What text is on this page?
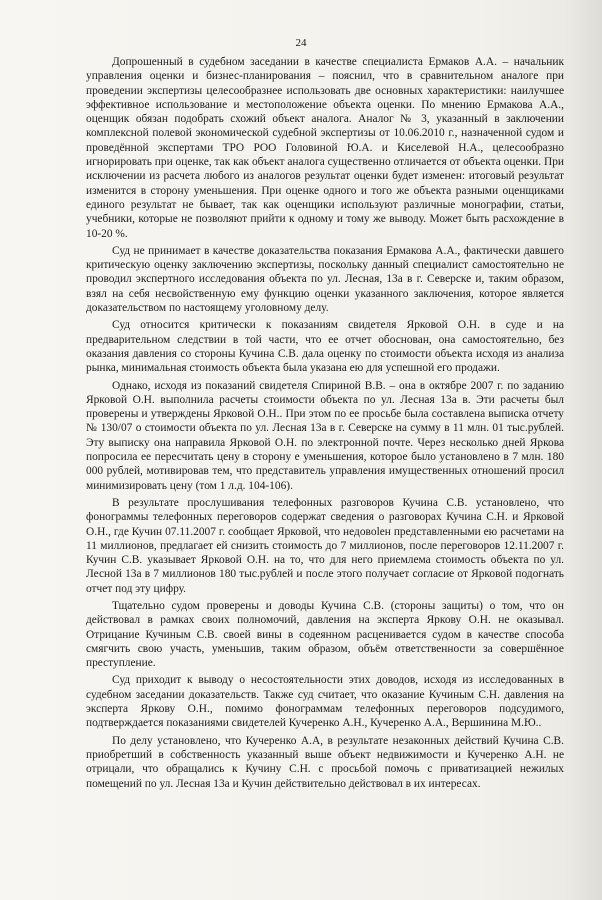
24

Допрошенный в судебном заседании в качестве специалиста Ермаков А.А. – начальник управления оценки и бизнес-планирования – пояснил, что в сравнительном аналоге при проведении экспертизы целесообразнее использовать две основных характеристики: наилучшее эффективное использование и местоположение объекта оценки. По мнению Ермакова А.А., оценщик обязан подобрать схожий объект аналога. Аналог № 3, указанный в заключении комплексной полевой экономической судебной экспертизы от 10.06.2010 г., назначенной судом и проведённой экспертами ТРО РОО Головиной Ю.А. и Киселевой Н.А., целесообразно игнорировать при оценке, так как объект аналога существенно отличается от объекта оценки. При исключении из расчета любого из аналогов результат оценки будет изменен: итоговый результат изменится в сторону уменьшения. При оценке одного и того же объекта разными оценщиками единого результат не бывает, так как оценщики используют различные монографии, статьи, учебники, которые не позволяют прийти к одному и тому же выводу. Может быть расхождение в 10-20 %.

Суд не принимает в качестве доказательства показания Ермакова А.А., фактически давшего критическую оценку заключению экспертизы, поскольку данный специалист самостоятельно не проводил экспертного исследования объекта по ул. Лесная, 13а в г. Северске и, таким образом, взял на себя несвойственную ему функцию оценки указанного заключения, которое является доказательством по настоящему уголовному делу.

Суд относится критически к показаниям свидетеля Ярковой О.Н. в суде и на предварительном следствии в той части, что ее отчет обоснован, она самостоятельно, без оказания давления со стороны Кучина С.В. дала оценку по стоимости объекта исходя из анализа рынка, минимальная стоимость объекта была указана ею для успешной его продажи.

Однако, исходя из показаний свидетеля Спириной В.В. – она в октябре 2007 г. по заданию Ярковой О.Н. выполнила расчеты стоимости объекта по ул. Лесная 13а в. Эти расчеты был проверены и утверждены Ярковой О.Н.. При этом по ее просьбе была составлена выписка отчету № 130/07 о стоимости объекта по ул. Лесная 13а в г. Северске на сумму в 11 млн. 01 тыс.рублей. Эту выписку она направила Ярковой О.Н. по электронной почте. Через несколько дней Яркова попросила ее пересчитать цену в сторону е уменьшения, которое было установлено в 7 млн. 180 000 рублей, мотивировав тем, что представитель управления имущественных отношений просил минимизировать цену (том 1 л.д. 104-106).

В результате прослушивания телефонных разговоров Кучина С.В. установлено, что фонограммы телефонных переговоров содержат сведения о разговорах Кучина С.Н. и Ярковой О.Н., где Кучин 07.11.2007 г. сообщает Ярковой, что недовolен представленными ею расчетами на 11 миллионов, предлагает ей снизить стоимость до 7 миллионов, после переговоров 12.11.2007 г. Кучин С.В. указывает Ярковой О.Н. на то, что для него приемлема стоимость объекта по ул. Лесной 13а в 7 миллионов 180 тыс.рублей и после этого получает согласие от Ярковой подогнать отчет под эту цифру.

Тщательно судом проверены и доводы Кучина С.В. (стороны защиты) о том, что он действовал в рамках своих полномочий, давления на эксперта Яркову О.Н. не оказывал. Отрицание Кучиным С.В. своей вины в содеянном расценивается судом в качестве способа смягчить свою участь, уменьшив, таким образом, объём ответственности за совершённое преступление.

Суд приходит к выводу о несостоятельности этих доводов, исходя из исследованных в судебном заседании доказательств. Также суд считает, что оказание Кучиным С.Н. давления на эксперта Яркову О.Н., помимо фонограммам телефонных переговоров подсудимого, подтверждается показаниями свидетелей Кучеренко А.Н., Кучеренко А.А., Вершинина М.Ю..

По делу установлено, что Кучеренко А.А, в результате незаконных действий Кучина С.В. приобретший в собственность указанный выше объект недвижимости и Кучеренко А.Н. не отрицали, что обращались к Кучину С.Н. с просьбой помочь с приватизацией нежилых помещений по ул. Лесная 13а и Кучин действительно действовал в их интересах.
